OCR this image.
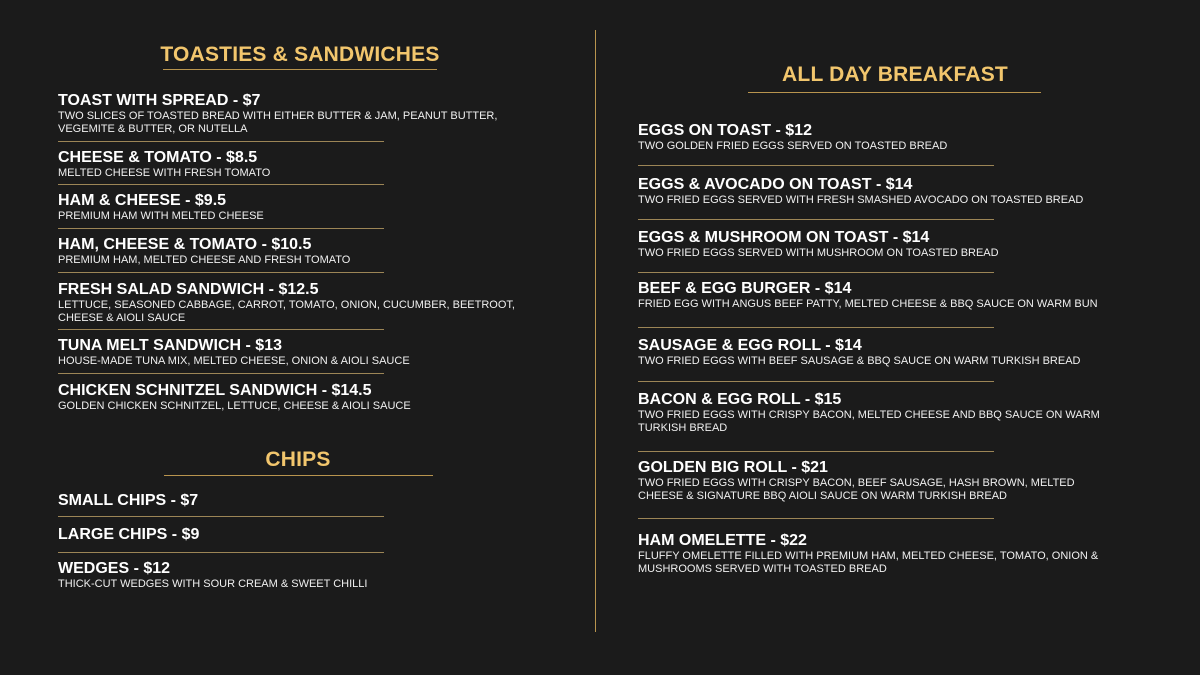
TOASTIES & SANDWICHES
TOAST WITH SPREAD - $7
TWO SLICES OF TOASTED BREAD WITH EITHER BUTTER & JAM, PEANUT BUTTER, VEGEMITE & BUTTER, OR NUTELLA
CHEESE & TOMATO - $8.5
MELTED CHEESE WITH FRESH TOMATO
HAM & CHEESE - $9.5
PREMIUM HAM WITH MELTED CHEESE
HAM, CHEESE & TOMATO - $10.5
PREMIUM HAM, MELTED CHEESE AND FRESH TOMATO
FRESH SALAD SANDWICH - $12.5
LETTUCE, SEASONED CABBAGE, CARROT, TOMATO, ONION, CUCUMBER, BEETROOT, CHEESE & AIOLI SAUCE
TUNA MELT SANDWICH - $13
HOUSE-MADE TUNA MIX, MELTED CHEESE, ONION & AIOLI SAUCE
CHICKEN SCHNITZEL SANDWICH - $14.5
GOLDEN CHICKEN SCHNITZEL, LETTUCE, CHEESE & AIOLI SAUCE
CHIPS
SMALL CHIPS - $7
LARGE CHIPS - $9
WEDGES - $12
THICK-CUT WEDGES WITH SOUR CREAM & SWEET CHILLI
ALL DAY BREAKFAST
EGGS ON TOAST - $12
TWO GOLDEN FRIED EGGS SERVED ON TOASTED BREAD
EGGS & AVOCADO ON TOAST - $14
TWO FRIED EGGS SERVED WITH FRESH SMASHED AVOCADO ON TOASTED BREAD
EGGS & MUSHROOM ON TOAST - $14
TWO FRIED EGGS SERVED WITH MUSHROOM ON TOASTED BREAD
BEEF & EGG BURGER - $14
FRIED EGG WITH ANGUS BEEF PATTY, MELTED CHEESE & BBQ SAUCE ON WARM BUN
SAUSAGE & EGG ROLL - $14
TWO FRIED EGGS WITH BEEF SAUSAGE & BBQ SAUCE ON WARM TURKISH BREAD
BACON & EGG ROLL - $15
TWO FRIED EGGS WITH CRISPY BACON, MELTED CHEESE AND BBQ SAUCE ON WARM TURKISH BREAD
GOLDEN BIG ROLL - $21
TWO FRIED EGGS WITH CRISPY BACON, BEEF SAUSAGE, HASH BROWN, MELTED CHEESE & SIGNATURE BBQ AIOLI SAUCE ON WARM TURKISH BREAD
HAM OMELETTE - $22
FLUFFY OMELETTE FILLED WITH PREMIUM HAM, MELTED CHEESE, TOMATO, ONION & MUSHROOMS SERVED WITH TOASTED BREAD
